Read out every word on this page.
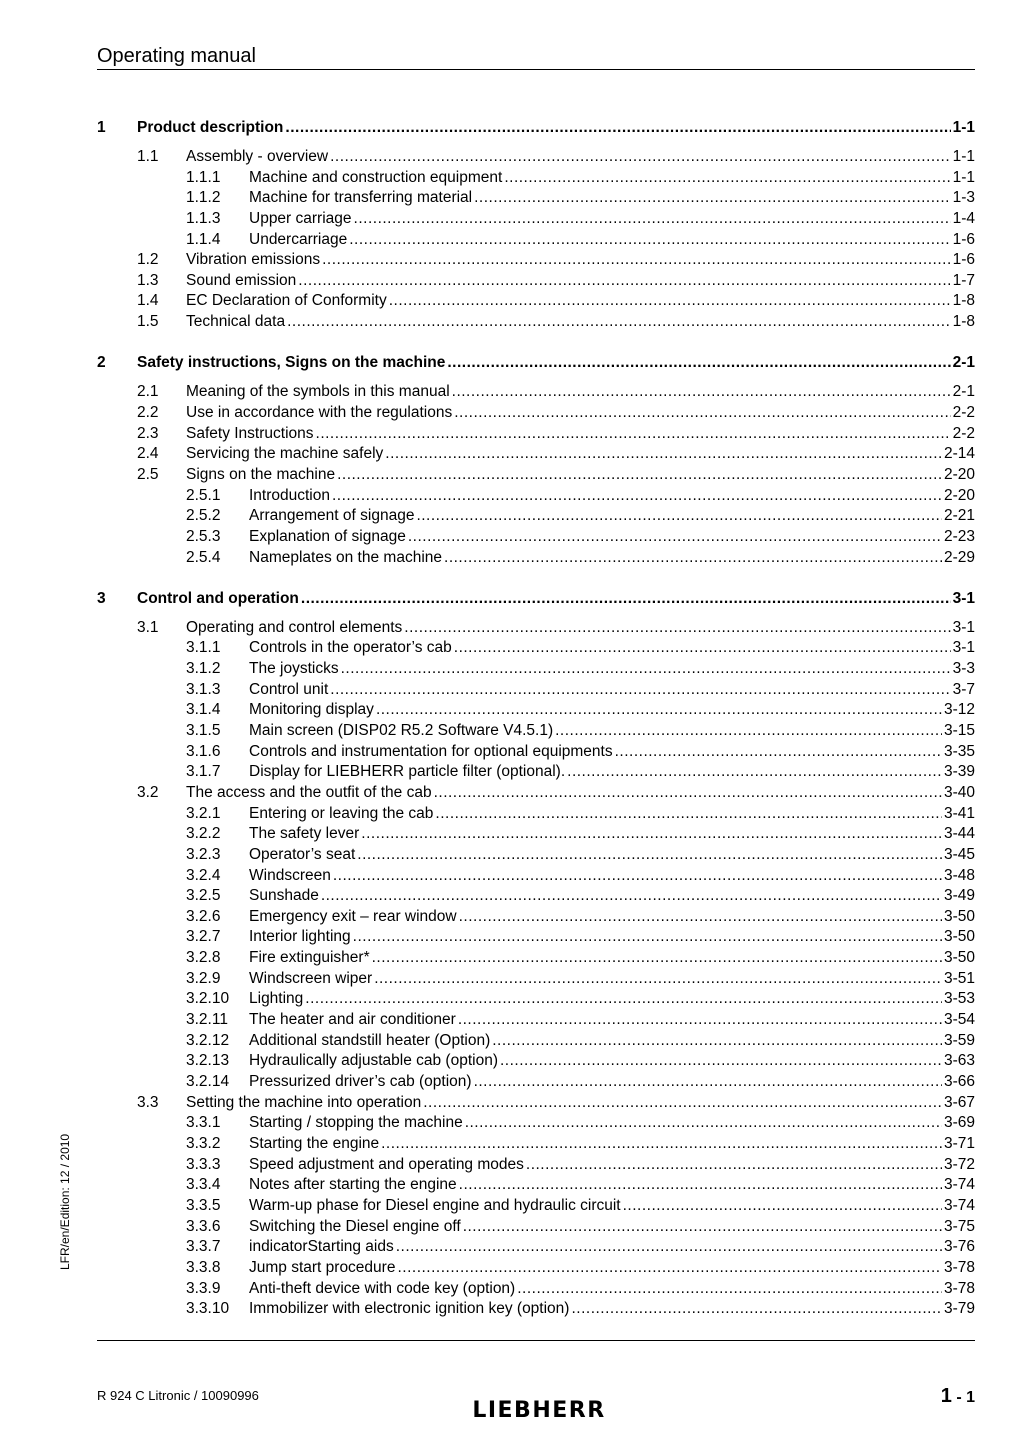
Operating manual
1 Product description .....	1-1
1.1 Assembly - overview .....	1-1
1.1.1 Machine and construction equipment .....	1-1
1.1.2 Machine for transferring material .....	1-3
1.1.3 Upper carriage .....	1-4
1.1.4 Undercarriage .....	1-6
1.2 Vibration emissions .....	1-6
1.3 Sound emission .....	1-7
1.4 EC Declaration of Conformity .....	1-8
1.5 Technical data .....	1-8
2 Safety instructions, Signs on the machine .....	2-1
2.1 Meaning of the symbols in this manual .....	2-1
2.2 Use in accordance with the regulations .....	2-2
2.3 Safety Instructions .....	2-2
2.4 Servicing the machine safely .....	2-14
2.5 Signs on the machine .....	2-20
2.5.1 Introduction .....	2-20
2.5.2 Arrangement of signage .....	2-21
2.5.3 Explanation of signage .....	2-23
2.5.4 Nameplates on the machine .....	2-29
3 Control and operation .....	3-1
3.1 Operating and control elements .....	3-1
3.1.1 Controls in the operator’s cab .....	3-1
3.1.2 The joysticks .....	3-3
3.1.3 Control unit .....	3-7
3.1.4 Monitoring display .....	3-12
3.1.5 Main screen (DISP02 R5.2 Software V4.5.1) .....	3-15
3.1.6 Controls and instrumentation for optional equipments .....	3-35
3.1.7 Display for LIEBHERR particle filter (optional). .....	3-39
3.2 The access and the outfit of the cab .....	3-40
3.2.1 Entering or leaving the cab .....	3-41
3.2.2 The safety lever .....	3-44
3.2.3 Operator’s seat .....	3-45
3.2.4 Windscreen .....	3-48
3.2.5 Sunshade .....	3-49
3.2.6 Emergency exit – rear window .....	3-50
3.2.7 Interior lighting .....	3-50
3.2.8 Fire extinguisher* .....	3-50
3.2.9 Windscreen wiper .....	3-51
3.2.10 Lighting .....	3-53
3.2.11 The heater and air conditioner .....	3-54
3.2.12 Additional standstill heater (Option) .....	3-59
3.2.13 Hydraulically adjustable cab (option) .....	3-63
3.2.14 Pressurized driver’s cab (option) .....	3-66
3.3 Setting the machine into operation .....	3-67
3.3.1 Starting / stopping the machine .....	3-69
3.3.2 Starting the engine .....	3-71
3.3.3 Speed adjustment and operating modes .....	3-72
3.3.4 Notes after starting the engine .....	3-74
3.3.5 Warm-up phase for Diesel engine and hydraulic circuit .....	3-74
3.3.6 Switching the Diesel engine off .....	3-75
3.3.7 indicatorStarting aids .....	3-76
3.3.8 Jump start procedure .....	3-78
3.3.9 Anti-theft device with code key (option) .....	3-78
3.3.10 Immobilizer with electronic ignition key (option) .....	3-79
LFR/en/Edition: 12 / 2010
R 924 C Litronic / 10090996
LIEBHERR
1 - 1
